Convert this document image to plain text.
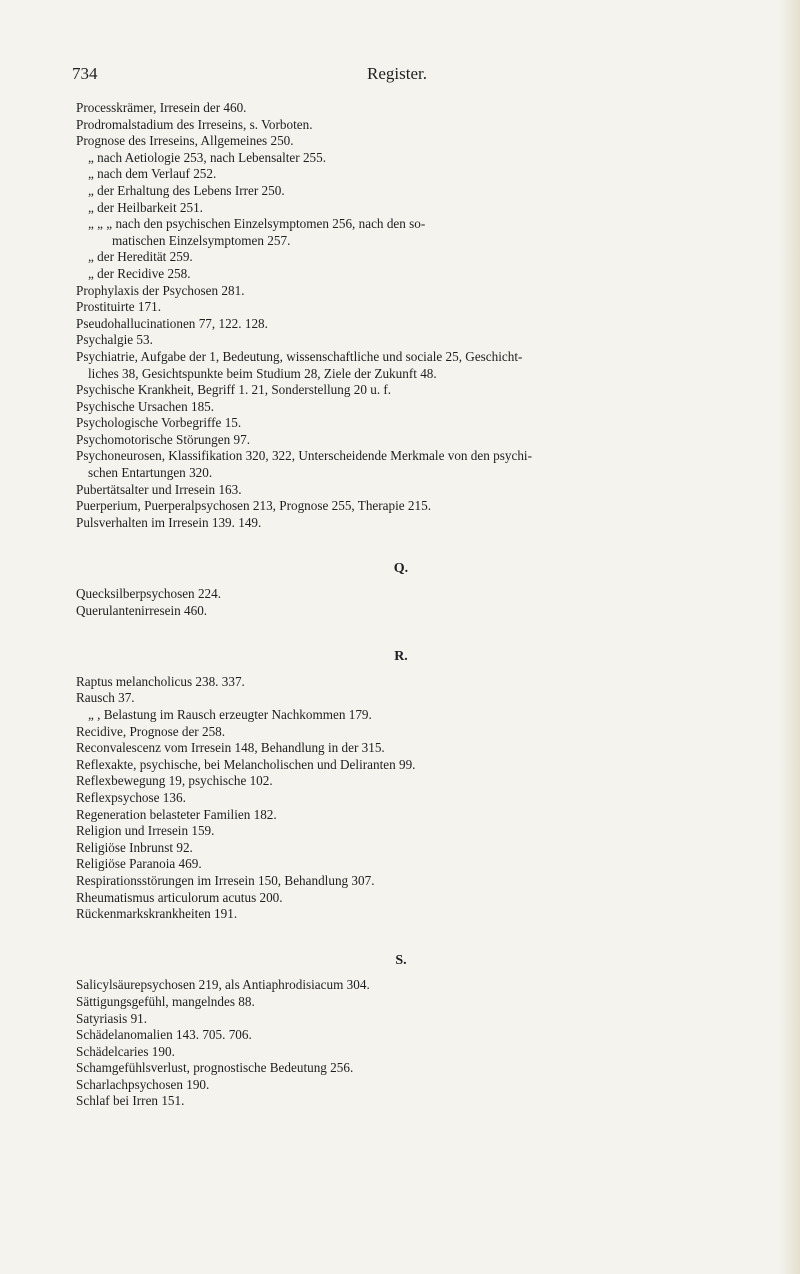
734	Register.
Processkrämer, Irresein der 460.
Prodromalstadium des Irreseins, s. Vorboten.
Prognose des Irreseins, Allgemeines 250.
„ nach Aetiologie 253, nach Lebensalter 255.
„ nach dem Verlauf 252.
„ der Erhaltung des Lebens Irrer 250.
„ der Heilbarkeit 251.
„ „ „ nach den psychischen Einzelsymptomen 256, nach den so-
matischen Einzelsymptomen 257.
„ der Heredität 259.
„ der Recidive 258.
Prophylaxis der Psychosen 281.
Prostituirte 171.
Pseudohallucinationen 77, 122. 128.
Psychalgie 53.
Psychiatrie, Aufgabe der 1, Bedeutung, wissenschaftliche und sociale 25, Geschicht-
liches 38, Gesichtspunkte beim Studium 28, Ziele der Zukunft 48.
Psychische Krankheit, Begriff 1. 21, Sonderstellung 20 u. f.
Psychische Ursachen 185.
Psychologische Vorbegriffe 15.
Psychomotorische Störungen 97.
Psychoneurosen, Klassifikation 320, 322, Unterscheidende Merkmale von den psychi-
schen Entartungen 320.
Pubertätsalter und Irresein 163.
Puerperium, Puerperalpsychosen 213, Prognose 255, Therapie 215.
Pulsverhalten im Irresein 139. 149.
Q.
Quecksilberpsychosen 224.
Querulantenirresein 460.
R.
Raptus melancholicus 238. 337.
Rausch 37.
„ , Belastung im Rausch erzeugter Nachkommen 179.
Recidive, Prognose der 258.
Reconvalescenz vom Irresein 148, Behandlung in der 315.
Reflexakte, psychische, bei Melancholischen und Deliranten 99.
Reflexbewegung 19, psychische 102.
Reflexpsychose 136.
Regeneration belasteter Familien 182.
Religion und Irresein 159.
Religiöse Inbrunst 92.
Religiöse Paranoia 469.
Respirationsstörungen im Irresein 150, Behandlung 307.
Rheumatismus articulorum acutus 200.
Rückenmarkskrankheiten 191.
S.
Salicylsäurepsychosen 219, als Antiaphrodisiacum 304.
Sättigungsgefühl, mangelndes 88.
Satyriasis 91.
Schädelanomalien 143. 705. 706.
Schädelcaries 190.
Schamgefühlsverlust, prognostische Bedeutung 256.
Scharlachpsychosen 190.
Schlaf bei Irren 151.
